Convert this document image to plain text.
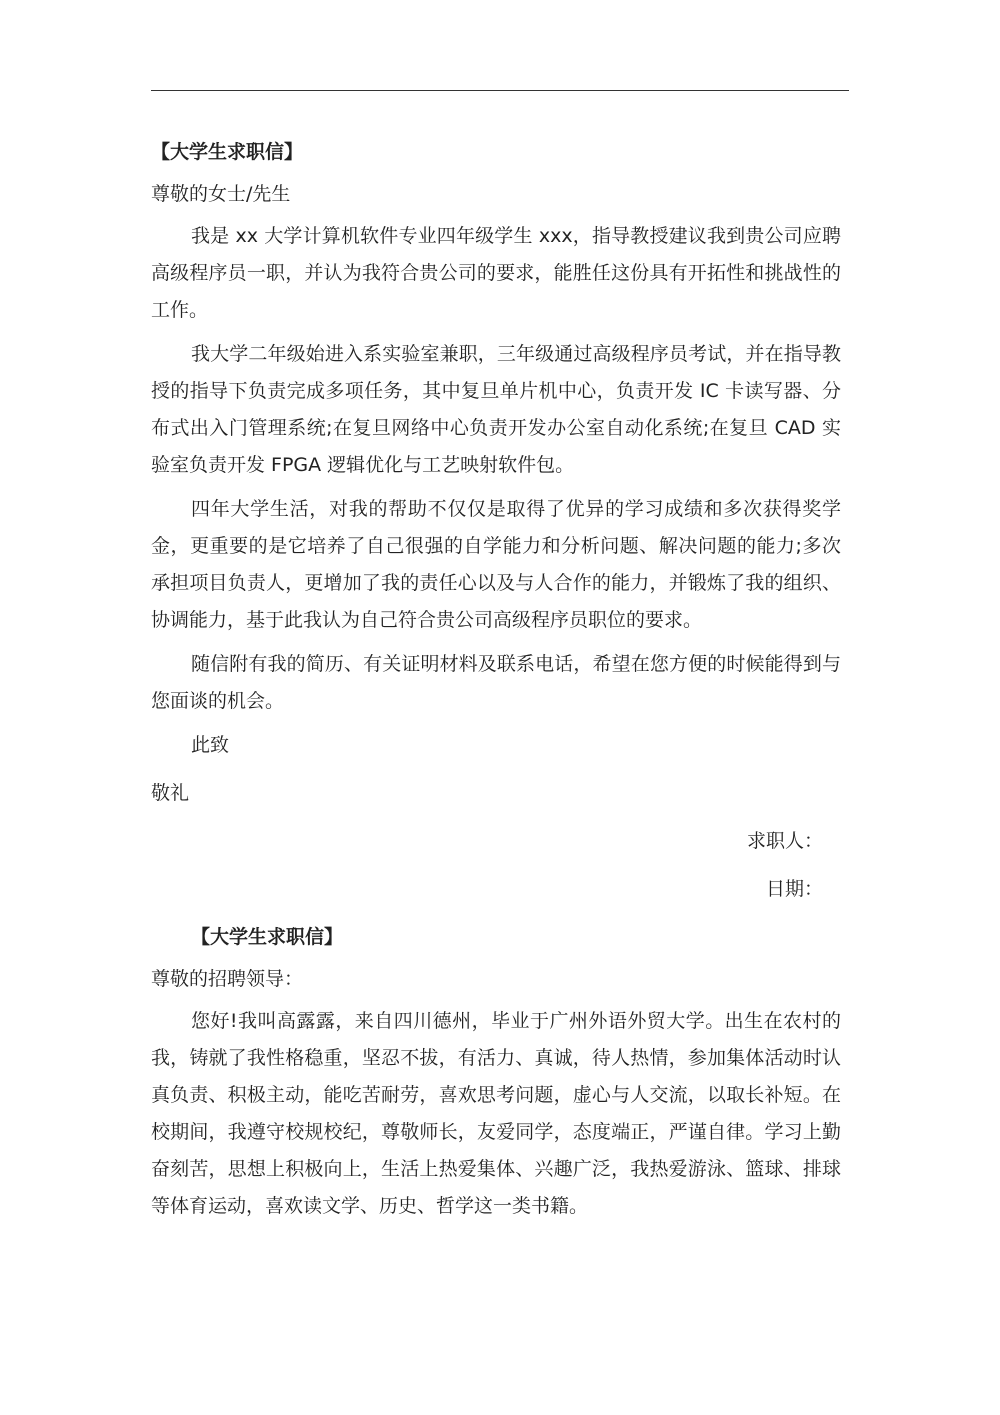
【大学生求职信】
尊敬的女士/先生

我是 xx 大学计算机软件专业四年级学生 xxx，指导教授建议我到贵公司应聘高级程序员一职，并认为我符合贵公司的要求，能胜任这份具有开拓性和挑战性的工作。

我大学二年级始进入系实验室兼职，三年级通过高级程序员考试，并在指导教授的指导下负责完成多项任务，其中复旦单片机中心，负责开发 IC 卡读写器、分布式出入门管理系统;在复旦网络中心负责开发办公室自动化系统;在复旦 CAD 实验室负责开发 FPGA 逻辑优化与工艺映射软件包。

四年大学生活，对我的帮助不仅仅是取得了优异的学习成绩和多次获得奖学金，更重要的是它培养了自己很强的自学能力和分析问题、解决问题的能力;多次承担项目负责人，更增加了我的责任心以及与人合作的能力，并锻炼了我的组织、协调能力，基于此我认为自己符合贵公司高级程序员职位的要求。

随信附有我的简历、有关证明材料及联系电话，希望在您方便的时候能得到与您面谈的机会。

此致
敬礼
求职人：
日期：
【大学生求职信】
尊敬的招聘领导：

您好!我叫高露露，来自四川德州，毕业于广州外语外贸大学。出生在农村的我，铸就了我性格稳重，坚忍不拔，有活力、真诚，待人热情，参加集体活动时认真负责、积极主动，能吃苦耐劳，喜欢思考问题，虚心与人交流，以取长补短。在校期间，我遵守校规校纪，尊敬师长，友爱同学，态度端正，严谨自律。学习上勤奋刻苦，思想上积极向上，生活上热爱集体、兴趣广泛，我热爱游泳、篮球、排球等体育运动，喜欢读文学、历史、哲学这一类书籍。
